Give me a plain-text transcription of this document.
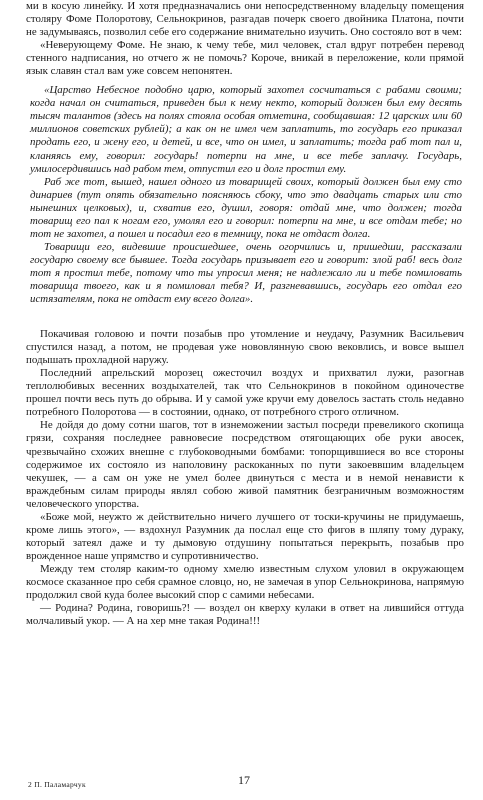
ми в косую линейку. И хотя предназначались они непосредственному владельцу помещения столяру Фоме Полоротову, Сельнокринов, разгадав почерк своего двойника Платона, почти не задумываясь, позволил себе его содержание внимательно изучить. Оно состояло вот в чем:

«Неверующему Фоме. Не знаю, к чему тебе, мил человек, стал вдруг потребен перевод стенного надписания, но отчего ж не помочь? Короче, вникай в переложение, коли прямой язык славян стал вам уже совсем непонятен.

«Царство Небесное подобно царю, который захотел сосчитаться с рабами своими; когда начал он считаться, приведен был к нему некто, который должен был ему десять тысяч талантов (здесь на полях стояла особая отметина, сообщавшая: 12 царских или 60 миллионов советских рублей); а как он не имел чем заплатить, то государь его приказал продать его, и жену его, и детей, и все, что он имел, и заплатить; тогда раб тот пал и, кланяясь ему, говорил: государь! потерпи на мне, и все тебе заплачу. Государь, умилосердившись над рабом тем, отпустил его и долг простил ему.

Раб же тот, вышед, нашел одного из товарищей своих, который должен был ему сто динариев (тут опять обязательно поясняюсь сбоку, что это двадцать старых или сто нынешних целковых), и, схватив его, душил, говоря: отдай мне, что должен; тогда товарищ его пал к ногам его, умолял его и говорил: потерпи на мне, и все отдам тебе; но тот не захотел, а пошел и посадил его в темницу, пока не отдаст долга.

Товарищи его, видевшие происшедшее, очень огорчились и, пришедши, рассказали государю своему все бывшее. Тогда государь призывает его и говорит: злой раб! весь долг тот я простил тебе, потому что ты упросил меня; не надлежало ли и тебе помиловать товарища твоего, как и я помиловал тебя? И, разгневавшись, государь его отдал его истязателям, пока не отдаст ему всего долга».

Покачивая головою и почти позабыв про утомление и неудачу, Разумник Васильевич спустился назад, а потом, не продевая уже нововлянную свою вековлись, и вовсе вышел подышать прохладной наружу.

Последний апрельский морозец ожесточил воздух и прихватил лужи, разогнав теплолюбивых весенних воздыхателей, так что Сельнокринов в покойном одиночестве прошел почти весь путь до обрыва. И у самой уже кручи ему довелось застать столь недавно потребного Полоротова — в состоянии, однако, от потребного строго отличном.

Не дойдя до дому сотни шагов, тот в изнеможении застыл посреди превеликого скопища грязи, сохраняя последнее равновесие посредством отягощающих обе руки авосек, чрезвычайно схожих внешне с глубоководными бомбами: топорщившиеся во все стороны содержимое их состояло из наполовину раскоканных по пути закоеввшим владельцем чекушек, — а сам он уже не умел более двинуться с места и в немой ненависти к враждебным силам природы являл собою живой памятник безграничным возможностям человеческого упорства.

«Боже мой, неужто ж действительно ничего лучшего от тоски-кручины не придумаешь, кроме лишь этого», — вздохнул Разумник да послал еще сто фигов в шляпу тому дураку, который затеял даже и ту дымовую отдушину попытаться перекрыть, позабыв про врожденное наше упрямство и супротивничество.

Между тем столяр каким-то одному хмелю известным слухом уловил в окружающем космосе сказанное про себя срамное словцо, но, не замечая в упор Сельнокринова, напрямую продолжил свой куда более высокий спор с самими небесами.

— Родина? Родина, говоришь?! — воздел он кверху кулаки в ответ на лившийся оттуда молчаливый укор. — А на хер мне такая Родина!!!

2 П. Паламарчук	17
